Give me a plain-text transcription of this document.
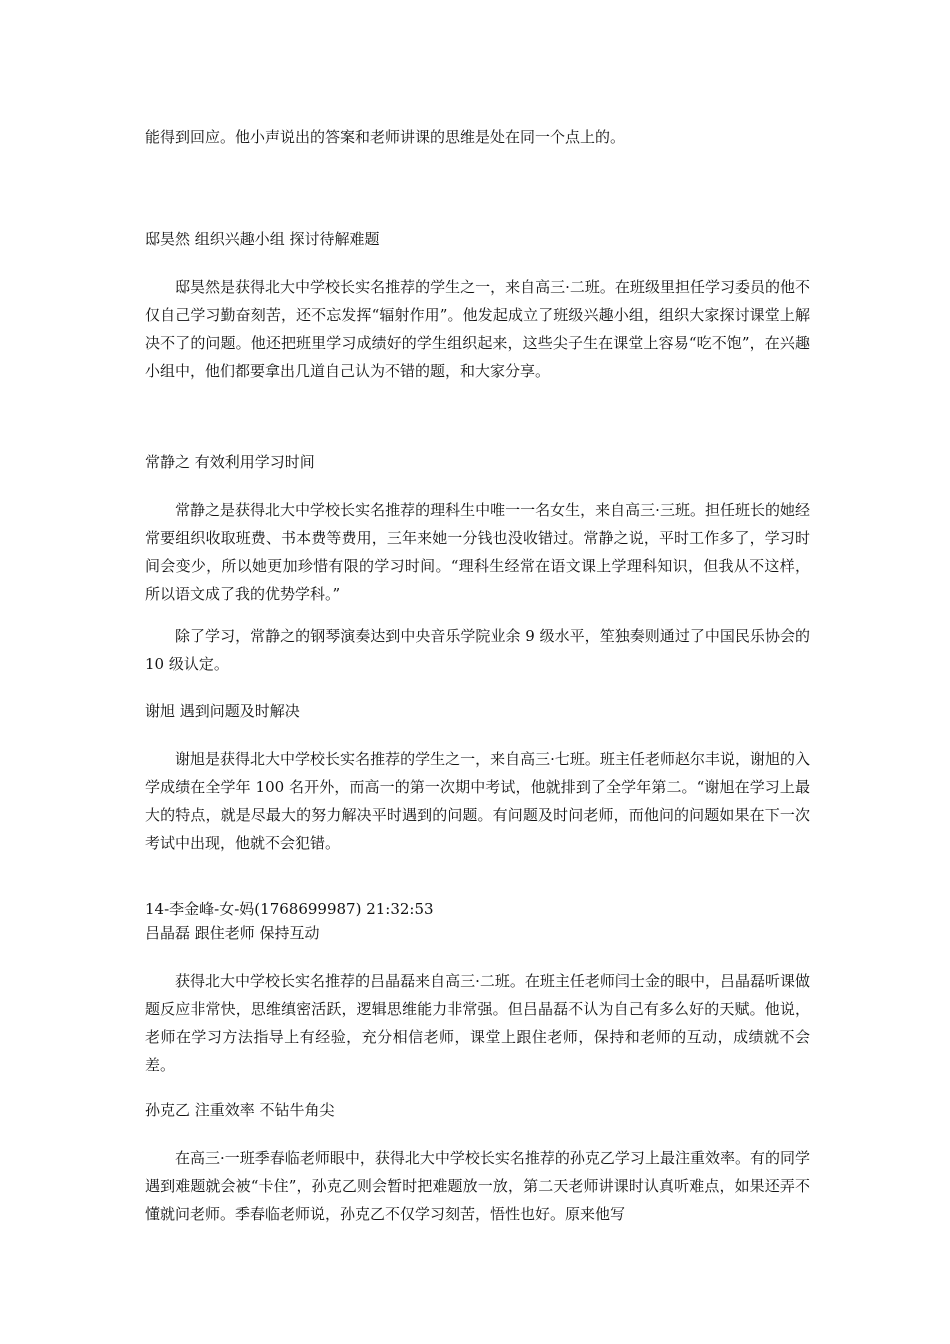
能得到回应。他小声说出的答案和老师讲课的思维是处在同一个点上的。

邸昊然 组织兴趣小组 探讨待解难题

邸昊然是获得北大中学校长实名推荐的学生之一，来自高三·二班。在班级里担任学习委员的他不仅自己学习勤奋刻苦，还不忘发挥“辐射作用”。他发起成立了班级兴趣小组，组织大家探讨课堂上解决不了的问题。他还把班里学习成绩好的学生组织起来，这些尖子生在课堂上容易“吃不饱”，在兴趣小组中，他们都要拿出几道自己认为不错的题，和大家分享。

常静之 有效利用学习时间

常静之是获得北大中学校长实名推荐的理科生中唯一一名女生，来自高三·三班。担任班长的她经常要组织收取班费、书本费等费用，三年来她一分钱也没收错过。常静之说，平时工作多了，学习时间会变少，所以她更加珍惜有限的学习时间。“理科生经常在语文课上学理科知识，但我从不这样，所以语文成了我的优势学科。”

除了学习，常静之的钢琴演奏达到中央音乐学院业余 9 级水平，笙独奏则通过了中国民乐协会的 10 级认定。

谢旭 遇到问题及时解决

谢旭是获得北大中学校长实名推荐的学生之一，来自高三·七班。班主任老师赵尔丰说，谢旭的入学成绩在全学年 100 名开外，而高一的第一次期中考试，他就排到了全学年第二。“谢旭在学习上最大的特点，就是尽最大的努力解决平时遇到的问题。有问题及时问老师，而他问的问题如果在下一次考试中出现，他就不会犯错。

14-李金峰-女-妈(1768699987) 21:32:53

吕晶磊 跟住老师 保持互动

获得北大中学校长实名推荐的吕晶磊来自高三·二班。在班主任老师闫士金的眼中，吕晶磊听课做题反应非常快，思维缜密活跃，逻辑思维能力非常强。但吕晶磊不认为自己有多么好的天赋。他说，老师在学习方法指导上有经验，充分相信老师，课堂上跟住老师，保持和老师的互动，成绩就不会差。

孙克乙 注重效率 不钻牛角尖

在高三·一班季春临老师眼中，获得北大中学校长实名推荐的孙克乙学习上最注重效率。有的同学遇到难题就会被“卡住”，孙克乙则会暂时把难题放一放，第二天老师讲课时认真听难点，如果还弄不懂就问老师。季春临老师说，孙克乙不仅学习刻苦，悟性也好。原来他写
